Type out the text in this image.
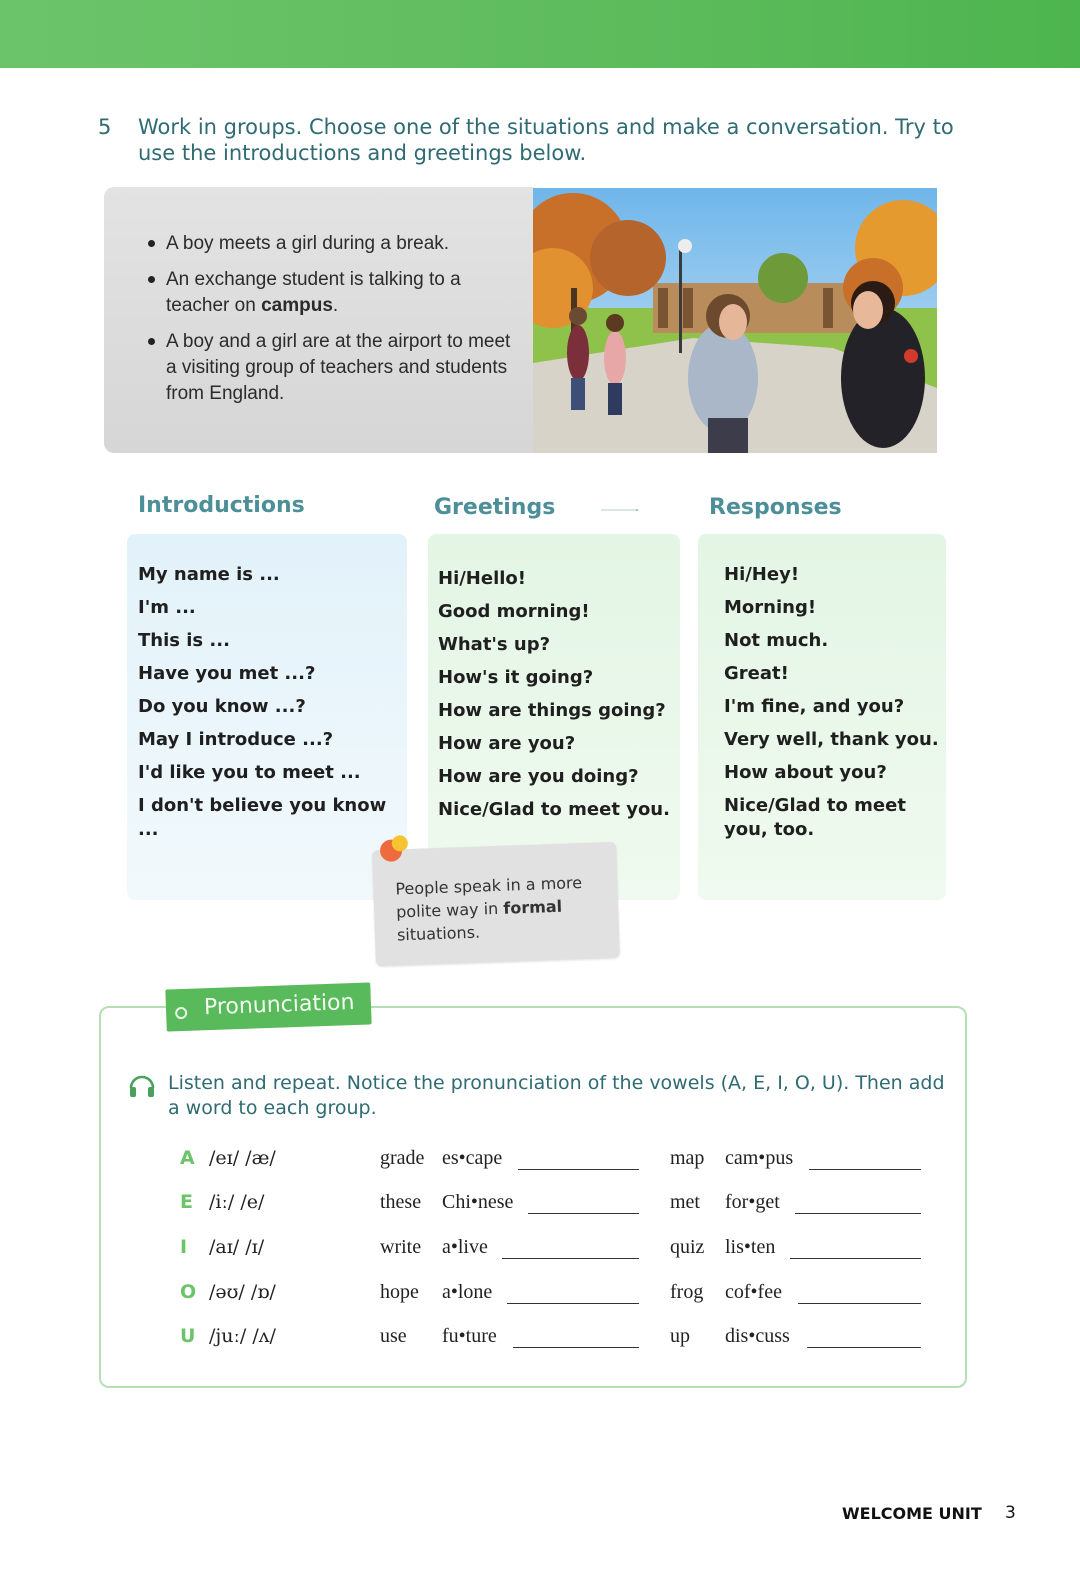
5 Work in groups. Choose one of the situations and make a conversation. Try to use the introductions and greetings below.
A boy meets a girl during a break.
An exchange student is talking to a teacher on campus.
A boy and a girl are at the airport to meet a visiting group of teachers and students from England.
Introductions	Greetings	Responses
My name is ...
I'm ...
This is ...
Have you met ...?
Do you know ...?
May I introduce ...?
I'd like you to meet ...
I don't believe you know ...
Hi/Hello!
Good morning!
What's up?
How's it going?
How are things going?
How are you?
How are you doing?
Nice/Glad to meet you.
Hi/Hey!
Morning!
Not much.
Great!
I'm fine, and you?
Very well, thank you.
How about you?
Nice/Glad to meet you, too.
People speak in a more polite way in formal situations.
Pronunciation
Listen and repeat. Notice the pronunciation of the vowels (A, E, I, O, U). Then add a word to each group.
A /eɪ/ /æ/	grade es•cape	map cam•pus
E /iː/ /e/	these Chi•nese	met for•get
I /aɪ/ /ɪ/	write a•live	quiz lis•ten
O /əʊ/ /ɒ/	hope a•lone	frog cof•fee
U /juː/ /ʌ/	use fu•ture	up dis•cuss
WELCOME UNIT 3
